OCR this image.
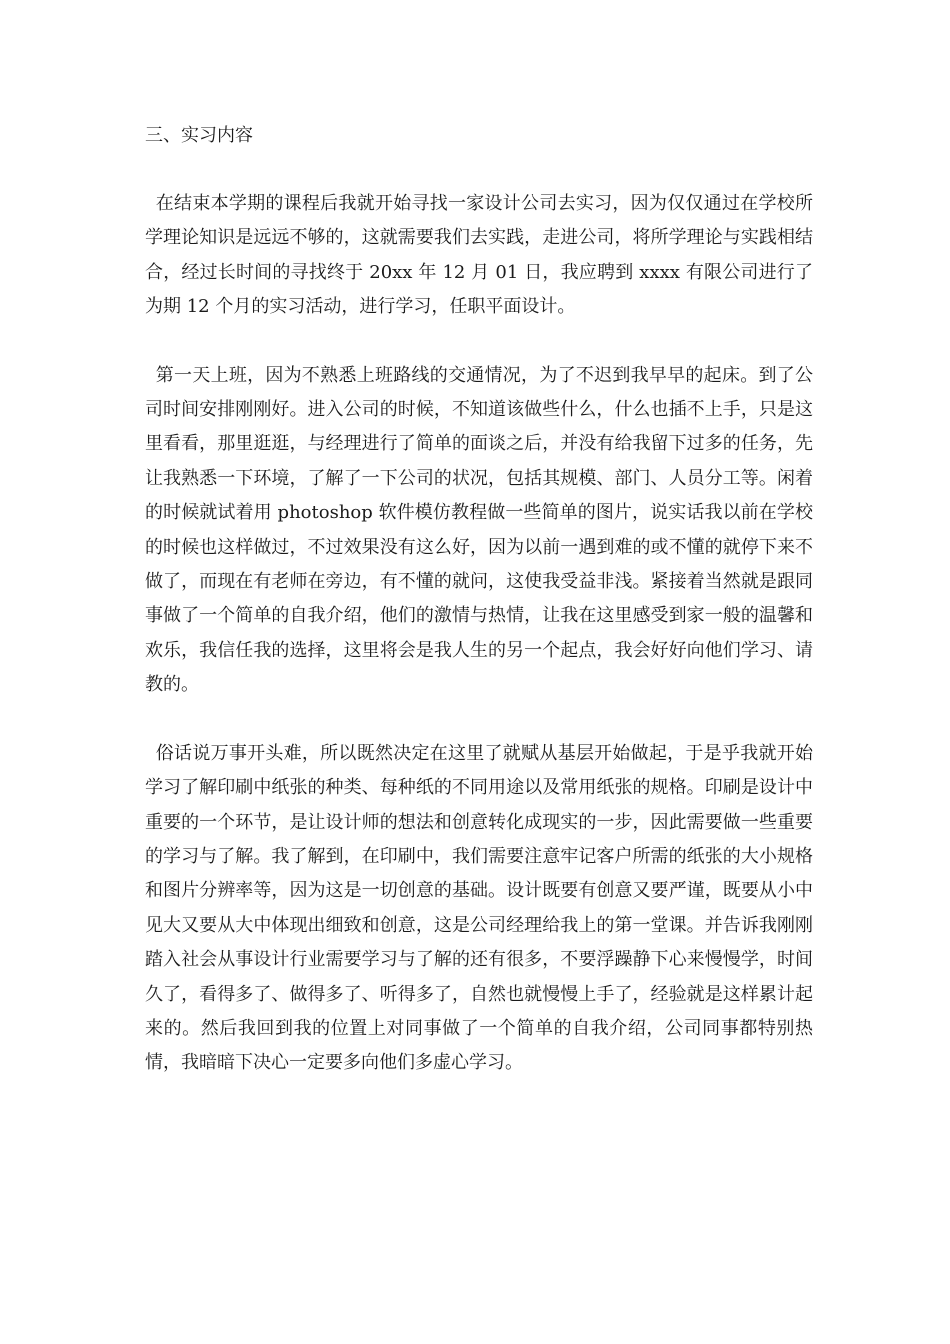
三、实习内容

在结束本学期的课程后我就开始寻找一家设计公司去实习，因为仅仅通过在学校所学理论知识是远远不够的，这就需要我们去实践，走进公司，将所学理论与实践相结合，经过长时间的寻找终于 20xx 年 12 月 01 日，我应聘到 xxxx 有限公司进行了为期 12 个月的实习活动，进行学习，任职平面设计。

第一天上班，因为不熟悉上班路线的交通情况，为了不迟到我早早的起床。到了公司时间安排刚刚好。进入公司的时候，不知道该做些什么，什么也插不上手，只是这里看看，那里逛逛，与经理进行了简单的面谈之后，并没有给我留下过多的任务，先让我熟悉一下环境，了解了一下公司的状况，包括其规模、部门、人员分工等。闲着的时候就试着用 photoshop 软件模仿教程做一些简单的图片，说实话我以前在学校的时候也这样做过，不过效果没有这么好，因为以前一遇到难的或不懂的就停下来不做了，而现在有老师在旁边，有不懂的就问，这使我受益非浅。紧接着当然就是跟同事做了一个简单的自我介绍，他们的激情与热情，让我在这里感受到家一般的温馨和欢乐，我信任我的选择，这里将会是我人生的另一个起点，我会好好向他们学习、请教的。

俗话说万事开头难，所以既然决定在这里了就赋从基层开始做起，于是乎我就开始学习了解印刷中纸张的种类、每种纸的不同用途以及常用纸张的规格。印刷是设计中重要的一个环节，是让设计师的想法和创意转化成现实的一步，因此需要做一些重要的学习与了解。我了解到，在印刷中，我们需要注意牢记客户所需的纸张的大小规格和图片分辨率等，因为这是一切创意的基础。设计既要有创意又要严谨，既要从小中见大又要从大中体现出细致和创意，这是公司经理给我上的第一堂课。并告诉我刚刚踏入社会从事设计行业需要学习与了解的还有很多，不要浮躁静下心来慢慢学，时间久了，看得多了、做得多了、听得多了，自然也就慢慢上手了，经验就是这样累计起来的。然后我回到我的位置上对同事做了一个简单的自我介绍，公司同事都特别热情，我暗暗下决心一定要多向他们多虚心学习。
